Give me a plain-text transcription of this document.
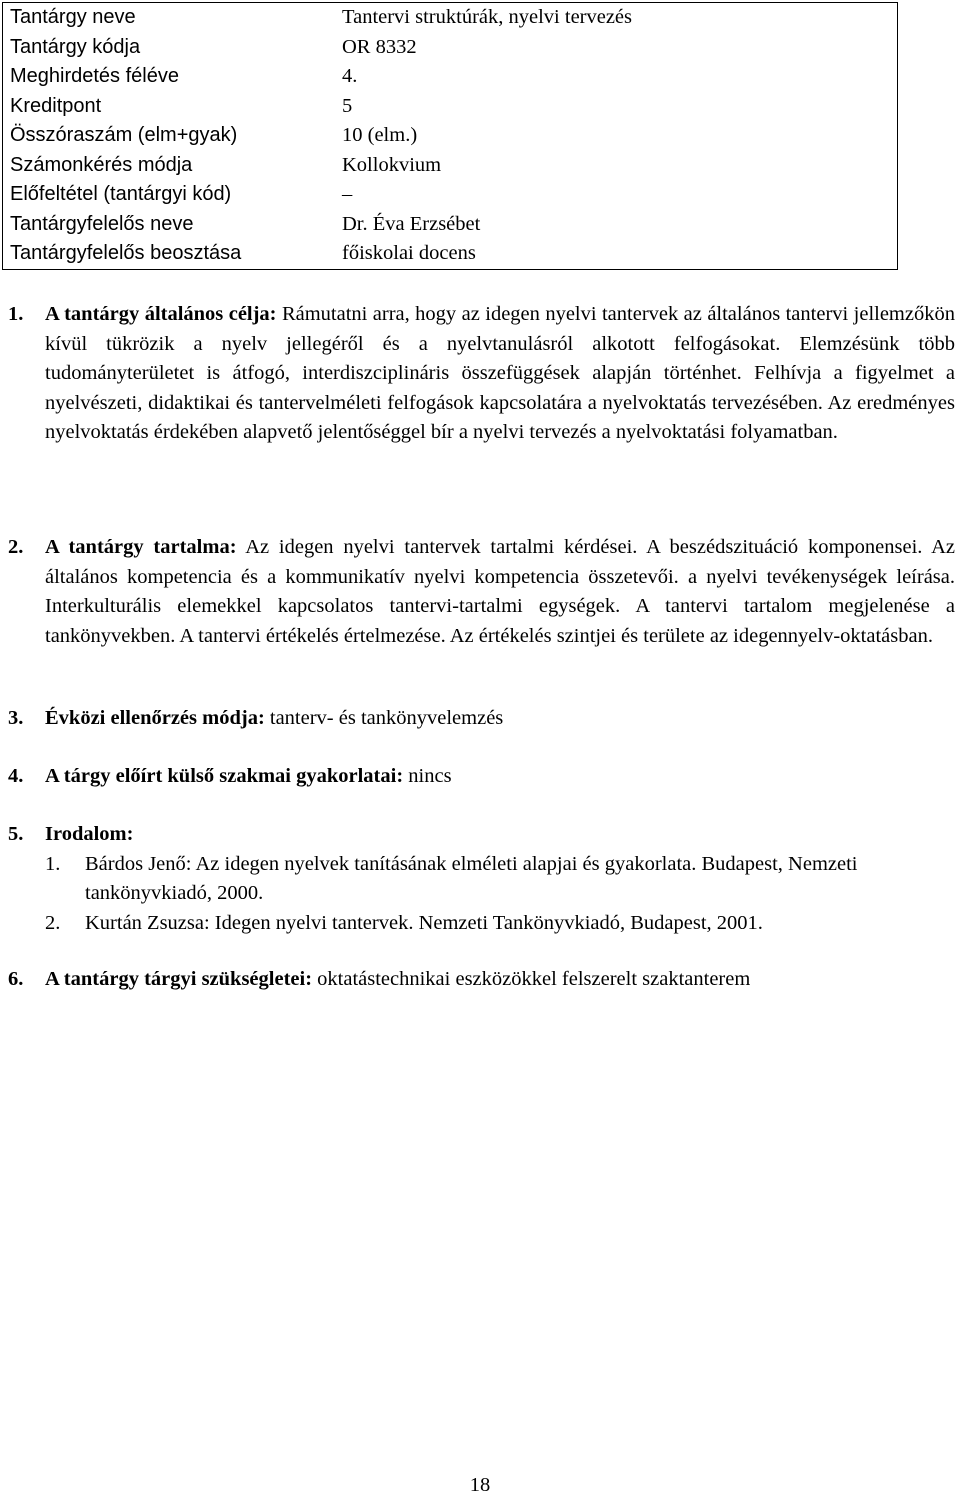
Tantárgy neve	Tantervi struktúrák, nyelvi tervezés
Tantárgy kódja	OR 8332
Meghirdetés féléve	4.
Kreditpont	5
Összóraszám (elm+gyak)	10 (elm.)
Számonkérés módja	Kollokvium
Előfeltétel (tantárgyi kód)	–
Tantárgyfelelős neve	Dr. Éva Erzsébet
Tantárgyfelelős beosztása	főiskolai docens
1. A tantárgy általános célja: Rámutatni arra, hogy az idegen nyelvi tantervek az általános tantervi jellemzőkön kívül tükrözik a nyelv jellegéről és a nyelvtanulásról alkotott felfogásokat. Elemzésünk több tudományterületet is átfogó, interdiszciplináris összefüggések alapján történhet. Felhívja a figyelmet a nyelvészeti, didaktikai és tantervelméleti felfogások kapcsolatára a nyelvoktatás tervezésében. Az eredményes nyelvoktatás érdekében alapvető jelentőséggel bír a nyelvi tervezés a nyelvoktatási folyamatban.
2. A tantárgy tartalma: Az idegen nyelvi tantervek tartalmi kérdései. A beszédszituáció komponensei. Az általános kompetencia és a kommunikatív nyelvi kompetencia összetevői. a nyelvi tevékenységek leírása. Interkulturális elemekkel kapcsolatos tantervi-tartalmi egységek. A tantervi tartalom megjelenése a tankönyvekben. A tantervi értékelés értelmezése. Az értékelés szintjei és területe az idegennyelv-oktatásban.
3. Évközi ellenőrzés módja: tanterv- és tankönyvelemzés
4. A tárgy előírt külső szakmai gyakorlatai: nincs
5. Irodalom:
1. Bárdos Jenő: Az idegen nyelvek tanításának elméleti alapjai és gyakorlata. Budapest, Nemzeti tankönyvkiadó, 2000.
2. Kurtán Zsuzsa: Idegen nyelvi tantervek. Nemzeti Tankönyvkiadó, Budapest, 2001.
6. A tantárgy tárgyi szükségletei: oktatástechnikai eszközökkel felszerelt szaktanterem
18
